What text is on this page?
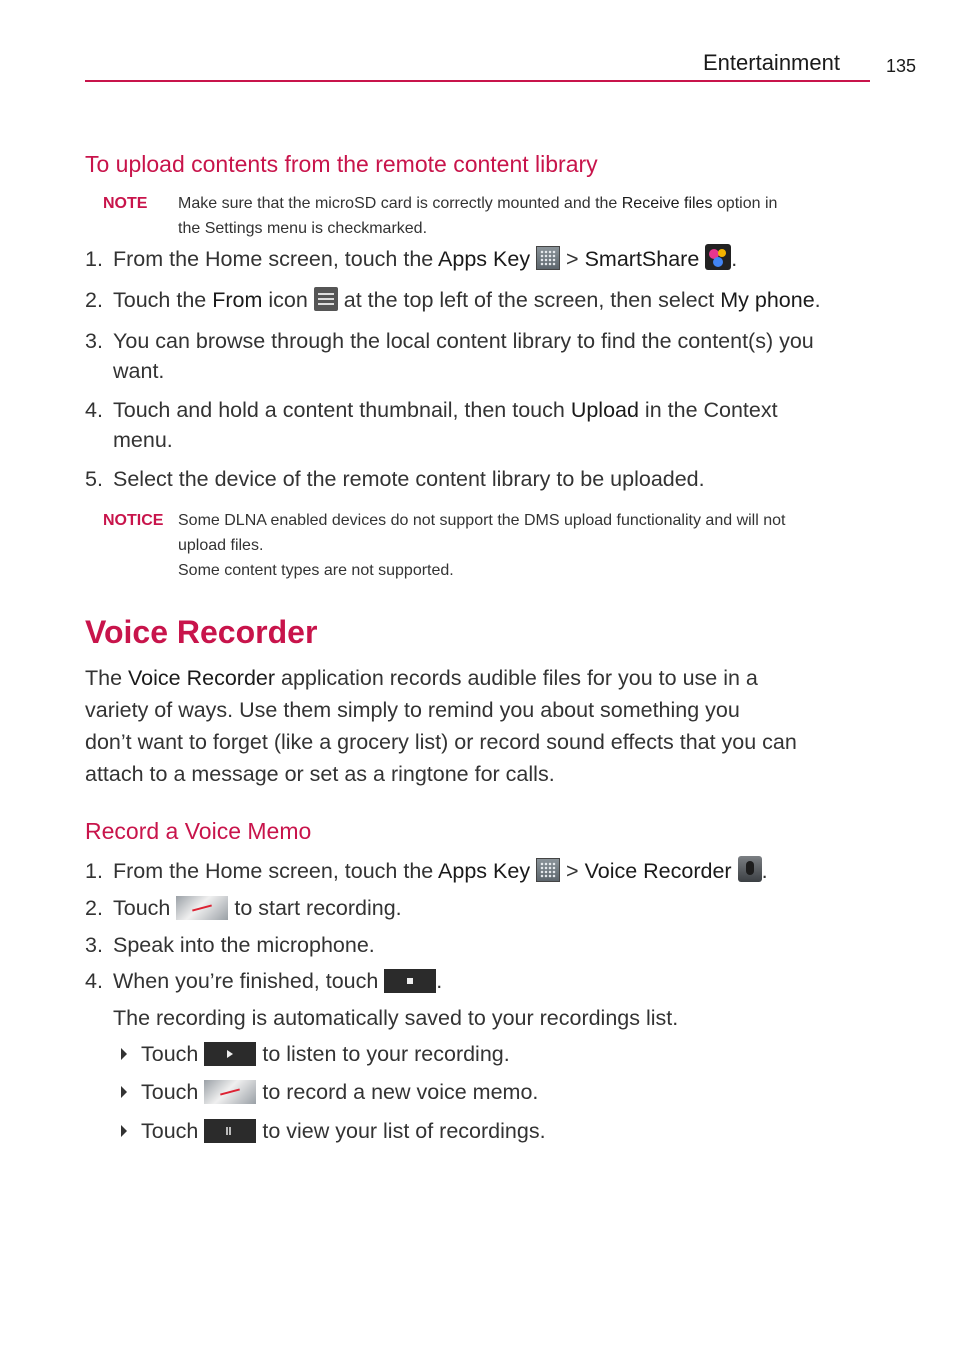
Entertainment	135
To upload contents from the remote content library
NOTE Make sure that the microSD card is correctly mounted and the Receive files option in
the Settings menu is checkmarked.
1. From the Home screen, touch the Apps Key  > SmartShare .
2. Touch the From icon  at the top left of the screen, then select My phone.
3. You can browse through the local content library to find the content(s) you
want.
4. Touch and hold a content thumbnail, then touch Upload in the Context
menu.
5. Select the device of the remote content library to be uploaded.
NOTICE Some DLNA enabled devices do not support the DMS upload functionality and will not
upload files.
Some content types are not supported.
Voice Recorder
The Voice Recorder application records audible files for you to use in a
variety of ways. Use them simply to remind you about something you
don’t want to forget (like a grocery list) or record sound effects that you can
attach to a message or set as a ringtone for calls.
Record a Voice Memo
1. From the Home screen, touch the Apps Key  > Voice Recorder .
2. Touch	to start recording.
3. Speak into the microphone.
4. When you’re finished, touch .
The recording is automatically saved to your recordings list.
Touch	to listen to your recording.
Touch	to record a new voice memo.
Touch	to view your list of recordings.
